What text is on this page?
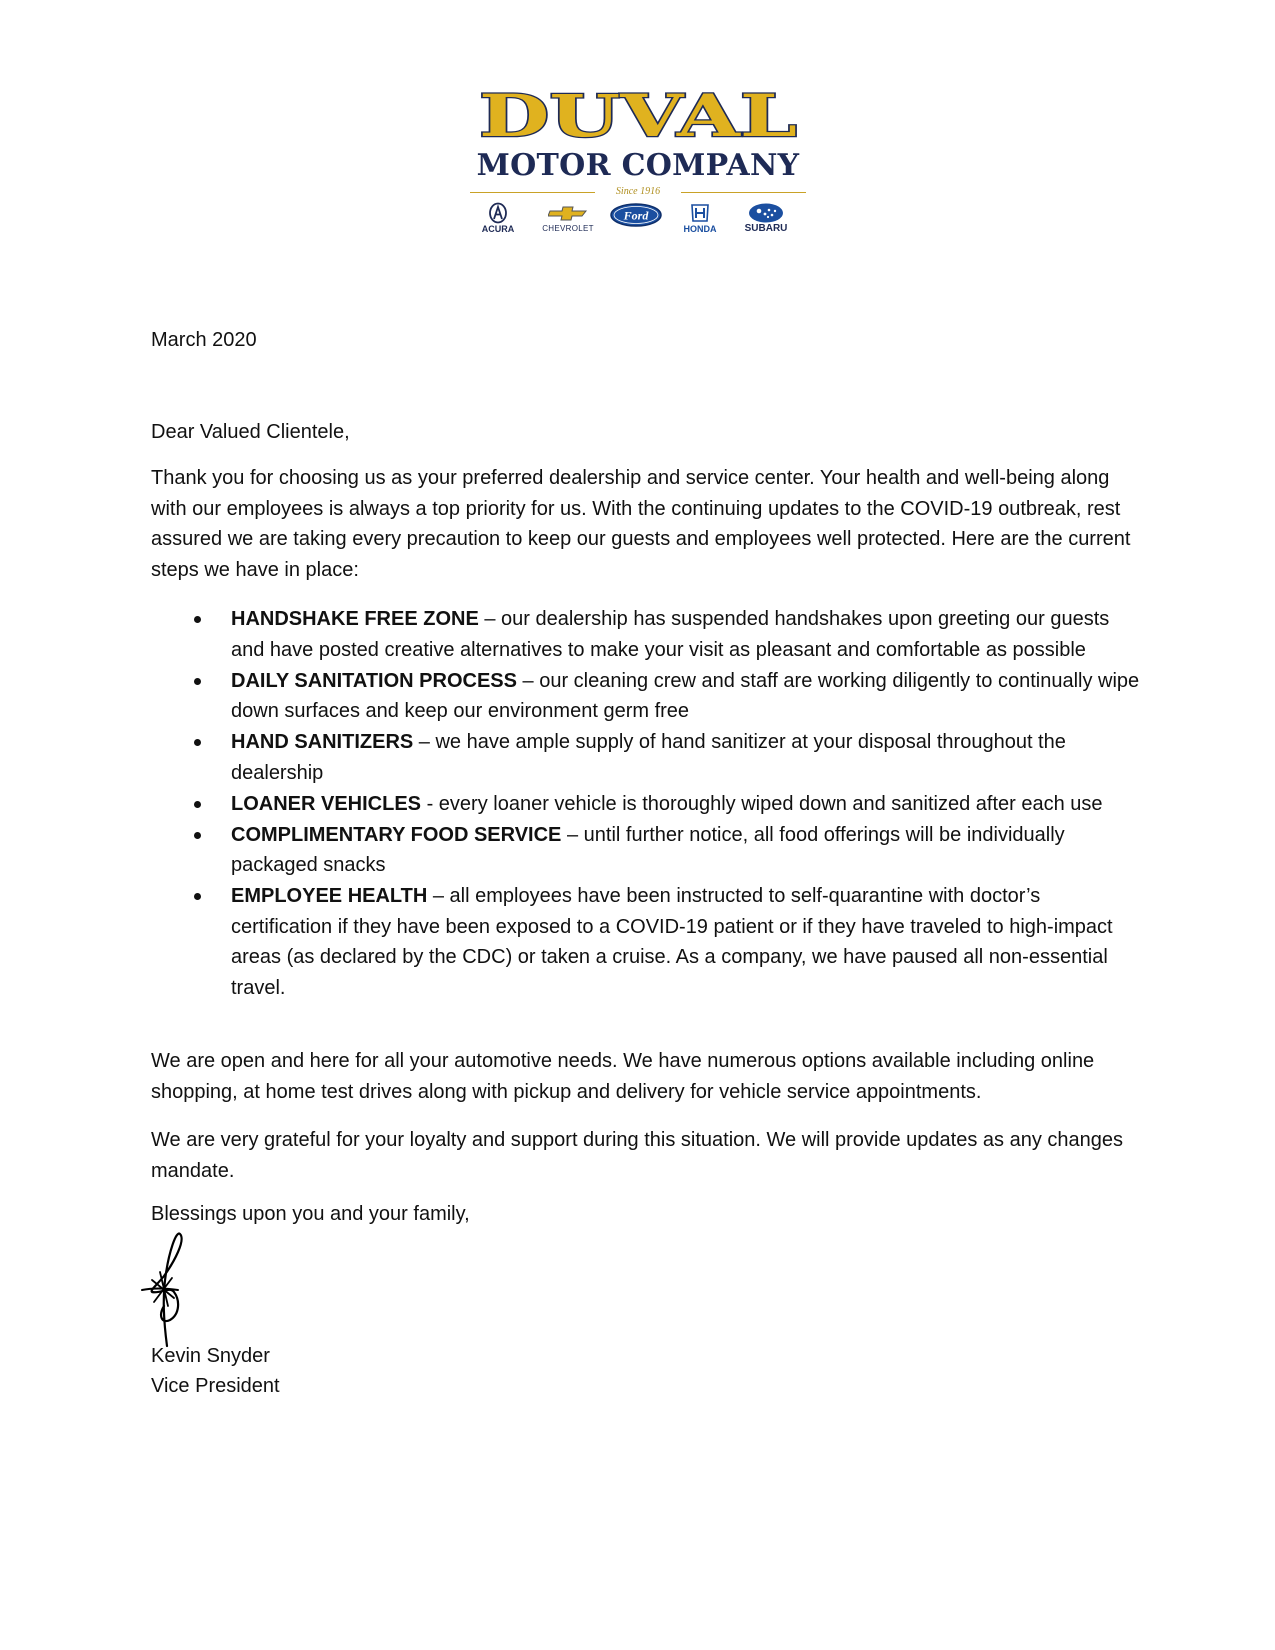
DUVAL
MOTOR COMPANY
Since 1916
ACURA	CHEVROLET
Ford
HONDA	SUBARU
March 2020
Dear Valued Clientele,

Thank you for choosing us as your preferred dealership and service center. Your health and well-being along with our employees is always a top priority for us. With the continuing updates to the COVID-19 outbreak, rest assured we are taking every precaution to keep our guests and employees well protected. Here are the current steps we have in place:

HANDSHAKE FREE ZONE – our dealership has suspended handshakes upon greeting our guests and have posted creative alternatives to make your visit as pleasant and comfortable as possible
DAILY SANITATION PROCESS – our cleaning crew and staff are working diligently to continually wipe down surfaces and keep our environment germ free
HAND SANITIZERS – we have ample supply of hand sanitizer at your disposal throughout the dealership
LOANER VEHICLES - every loaner vehicle is thoroughly wiped down and sanitized after each use
COMPLIMENTARY FOOD SERVICE – until further notice, all food offerings will be individually packaged snacks
EMPLOYEE HEALTH – all employees have been instructed to self-quarantine with doctor’s certification if they have been exposed to a COVID-19 patient or if they have traveled to high-impact areas (as declared by the CDC) or taken a cruise. As a company, we have paused all non-essential travel.

We are open and here for all your automotive needs. We have numerous options available including online shopping, at home test drives along with pickup and delivery for vehicle service appointments.

We are very grateful for your loyalty and support during this situation. We will provide updates as any changes mandate.

Blessings upon you and your family,
Kevin Snyder
Vice President
